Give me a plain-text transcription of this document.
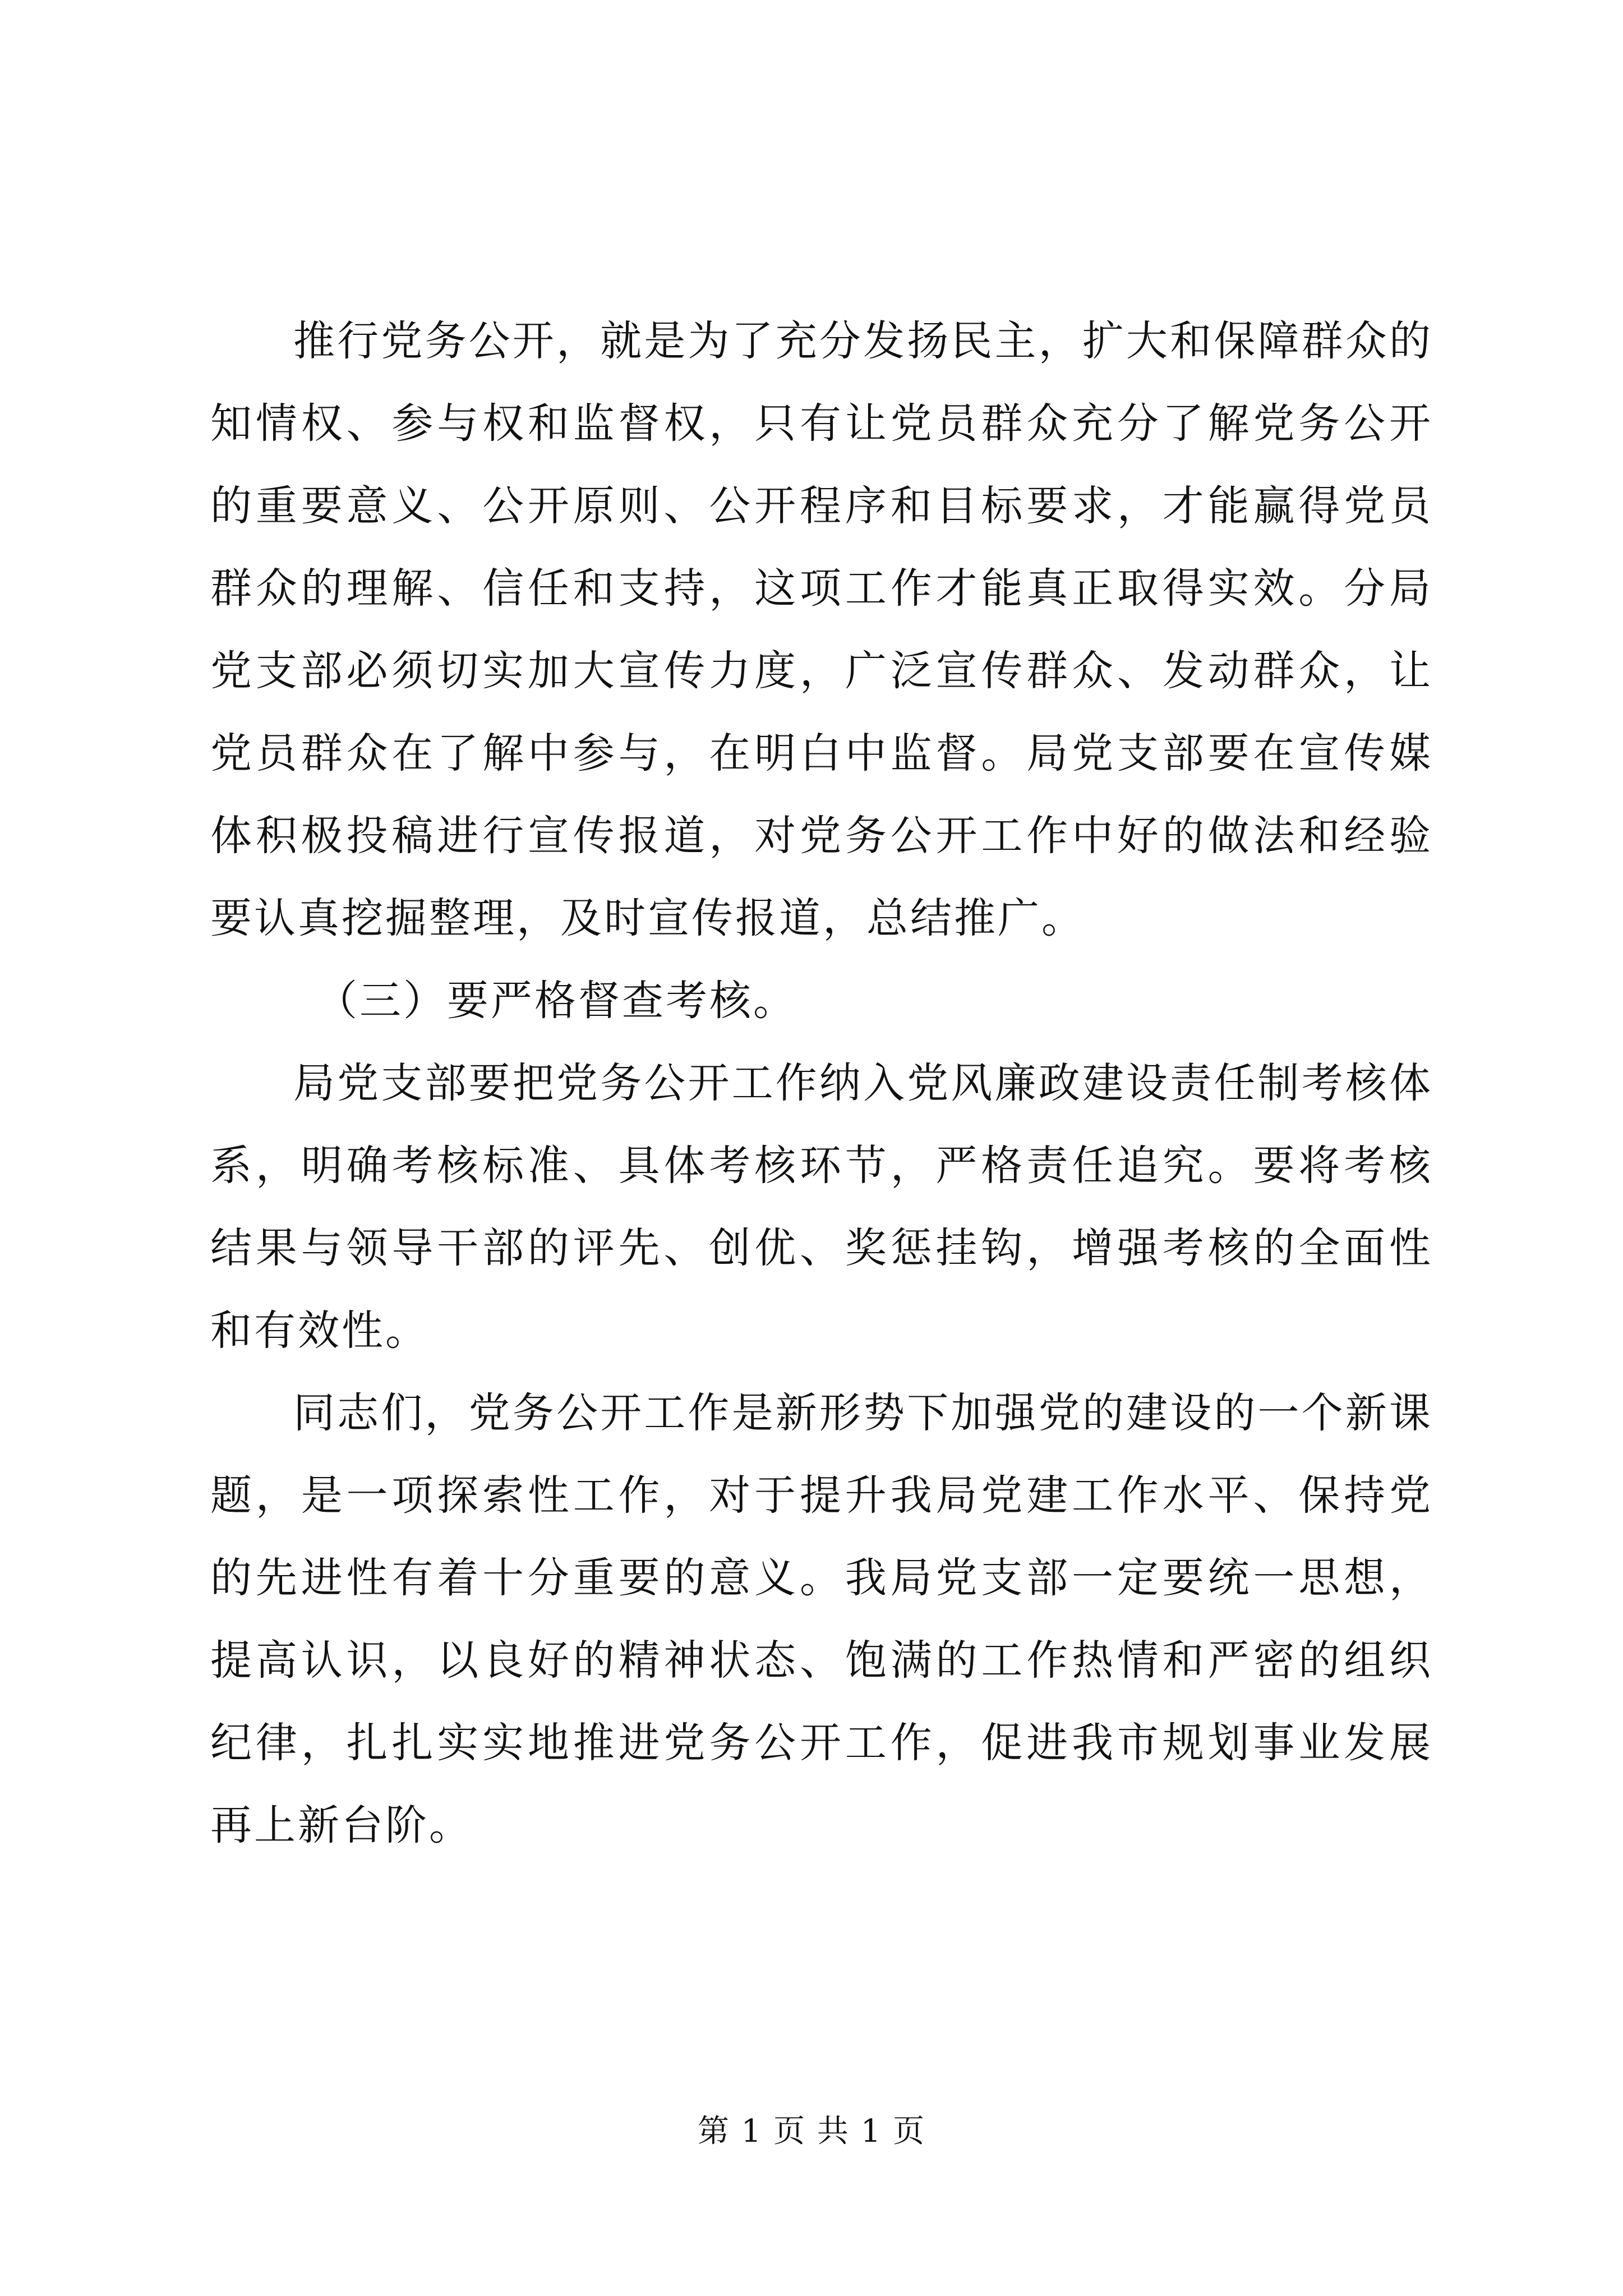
推行党务公开，就是为了充分发扬民主，扩大和保障群众的知情权、参与权和监督权，只有让党员群众充分了解党务公开的重要意义、公开原则、公开程序和目标要求，才能赢得党员群众的理解、信任和支持，这项工作才能真正取得实效。分局党支部必须切实加大宣传力度，广泛宣传群众、发动群众，让党员群众在了解中参与，在明白中监督。局党支部要在宣传媒体积极投稿进行宣传报道，对党务公开工作中好的做法和经验要认真挖掘整理，及时宣传报道，总结推广。

（三）要严格督查考核。

局党支部要把党务公开工作纳入党风廉政建设责任制考核体系，明确考核标准、具体考核环节，严格责任追究。要将考核结果与领导干部的评先、创优、奖惩挂钩，增强考核的全面性和有效性。

同志们，党务公开工作是新形势下加强党的建设的一个新课题，是一项探索性工作，对于提升我局党建工作水平、保持党的先进性有着十分重要的意义。我局党支部一定要统一思想，提高认识，以良好的精神状态、饱满的工作热情和严密的组织纪律，扎扎实实地推进党务公开工作，促进我市规划事业发展再上新台阶。

第 1 页 共 1 页
